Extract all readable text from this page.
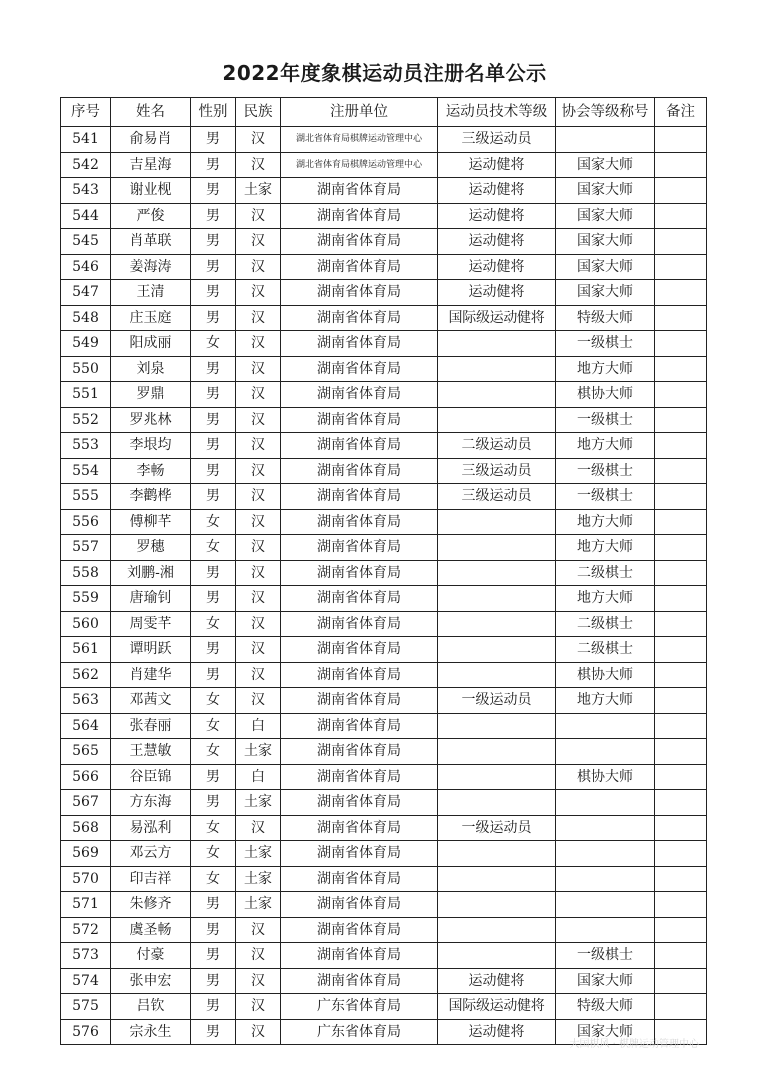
2022年度象棋运动员注册名单公示
序号	姓名	性别	民族	注册单位	运动员技术等级	协会等级称号	备注
541	俞易肖	男	汉	湖北省体育局棋牌运动管理中心	三级运动员		
542	吉星海	男	汉	湖北省体育局棋牌运动管理中心	运动健将	国家大师	
543	谢业枧	男	土家	湖南省体育局	运动健将	国家大师	
544	严俊	男	汉	湖南省体育局	运动健将	国家大师	
545	肖革联	男	汉	湖南省体育局	运动健将	国家大师	
546	姜海涛	男	汉	湖南省体育局	运动健将	国家大师	
547	王清	男	汉	湖南省体育局	运动健将	国家大师	
548	庄玉庭	男	汉	湖南省体育局	国际级运动健将	特级大师	
549	阳成丽	女	汉	湖南省体育局		一级棋士	
550	刘泉	男	汉	湖南省体育局		地方大师	
551	罗鼎	男	汉	湖南省体育局		棋协大师	
552	罗兆林	男	汉	湖南省体育局		一级棋士	
553	李垠均	男	汉	湖南省体育局	二级运动员	地方大师	
554	李畅	男	汉	湖南省体育局	三级运动员	一级棋士	
555	李鹳桦	男	汉	湖南省体育局	三级运动员	一级棋士	
556	傅柳芊	女	汉	湖南省体育局		地方大师	
557	罗穗	女	汉	湖南省体育局		地方大师	
558	刘鹏-湘	男	汉	湖南省体育局		二级棋士	
559	唐瑜钊	男	汉	湖南省体育局		地方大师	
560	周雯芊	女	汉	湖南省体育局		二级棋士	
561	谭明跃	男	汉	湖南省体育局		二级棋士	
562	肖建华	男	汉	湖南省体育局		棋协大师	
563	邓茜文	女	汉	湖南省体育局	一级运动员	地方大师	
564	张春丽	女	白	湖南省体育局			
565	王慧敏	女	土家	湖南省体育局			
566	谷臣锦	男	白	湖南省体育局		棋协大师	
567	方东海	男	土家	湖南省体育局			
568	易泓利	女	汉	湖南省体育局	一级运动员		
569	邓云方	女	土家	湖南省体育局			
570	印吉祥	女	土家	湖南省体育局			
571	朱修齐	男	土家	湖南省体育局			
572	虞圣畅	男	汉	湖南省体育局			
573	付豪	男	汉	湖南省体育局		一级棋士	
574	张申宏	男	汉	湖南省体育局	运动健将	国家大师	
575	吕钦	男	汉	广东省体育局	国际级运动健将	特级大师	
576	宗永生	男	汉	广东省体育局	运动健将	国家大师	
大国棋风 · 棋牌运动管理中心
